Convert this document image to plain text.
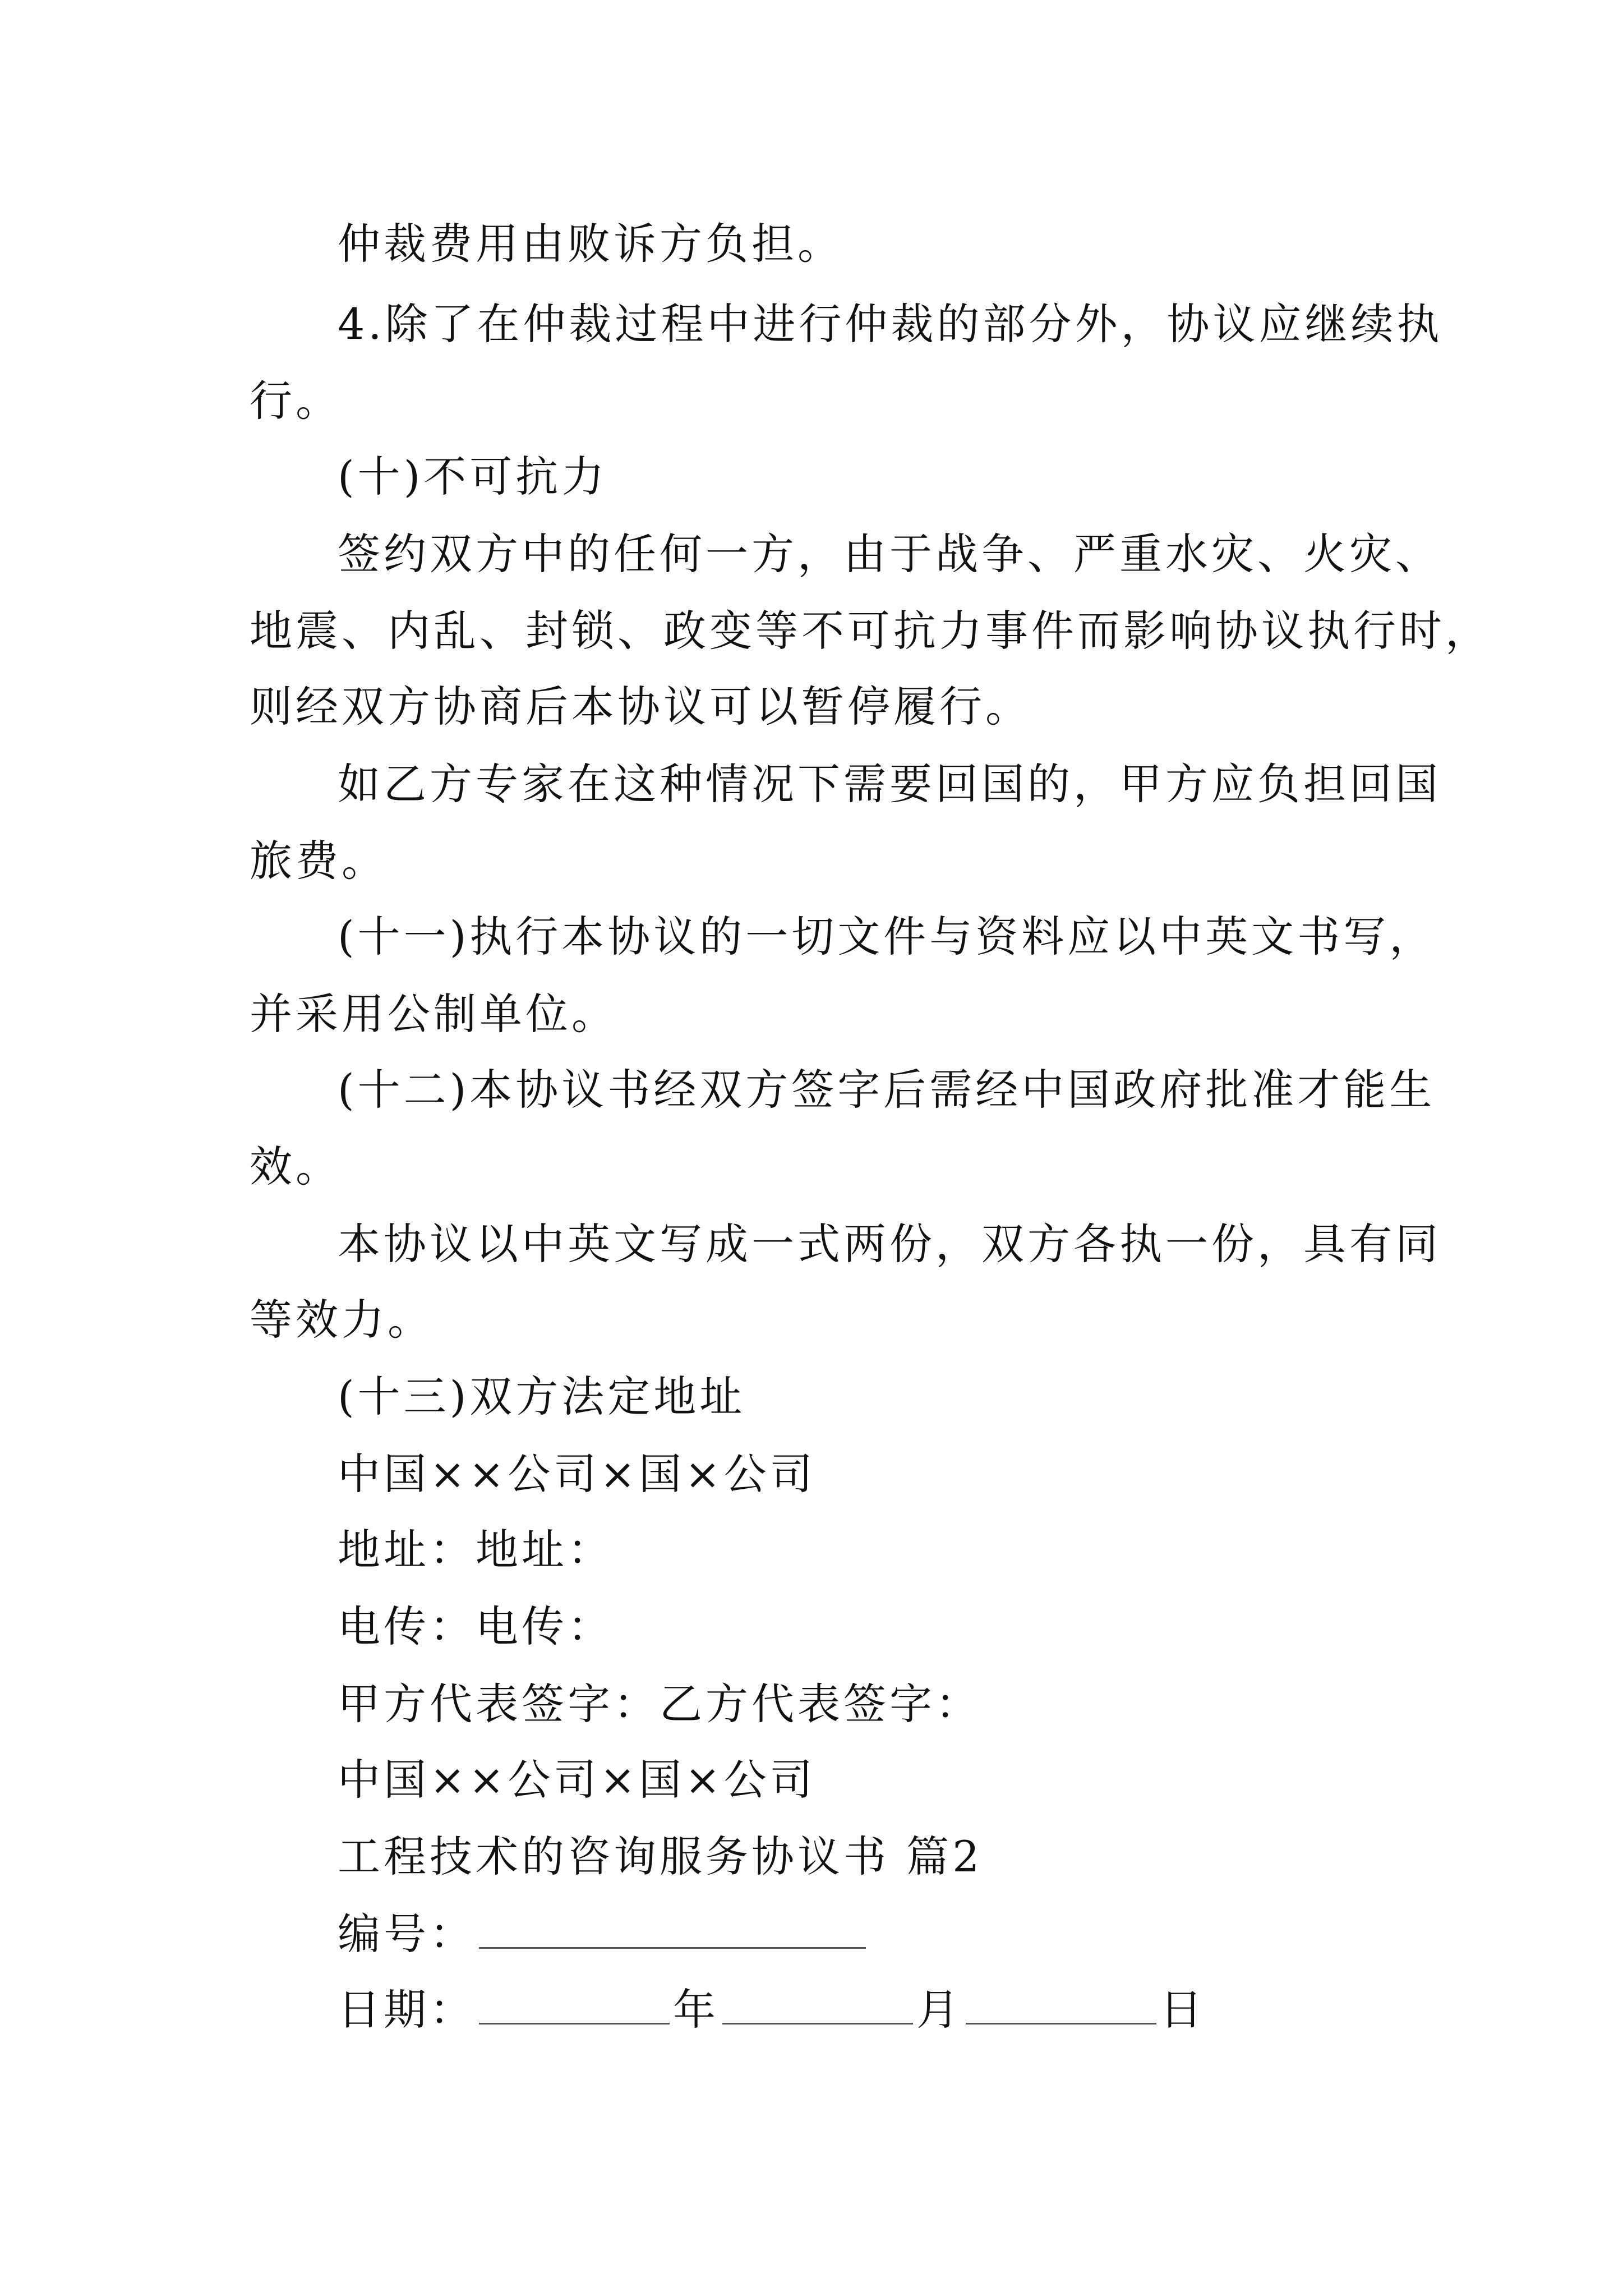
仲裁费用由败诉方负担。
4.除了在仲裁过程中进行仲裁的部分外，协议应继续执
行。
(十)不可抗力
签约双方中的任何一方，由于战争、严重水灾、火灾、
地震、内乱、封锁、政变等不可抗力事件而影响协议执行时，
则经双方协商后本协议可以暂停履行。
如乙方专家在这种情况下需要回国的，甲方应负担回国
旅费。
(十一)执行本协议的一切文件与资料应以中英文书写，
并采用公制单位。
(十二)本协议书经双方签字后需经中国政府批准才能生
效。
本协议以中英文写成一式两份，双方各执一份，具有同
等效力。
(十三)双方法定地址
中国××公司×国×公司
地址：地址：
电传：电传：
甲方代表签字：乙方代表签字：
中国××公司×国×公司
工程技术的咨询服务协议书 篇2
编号：
日期：	年	月	日
